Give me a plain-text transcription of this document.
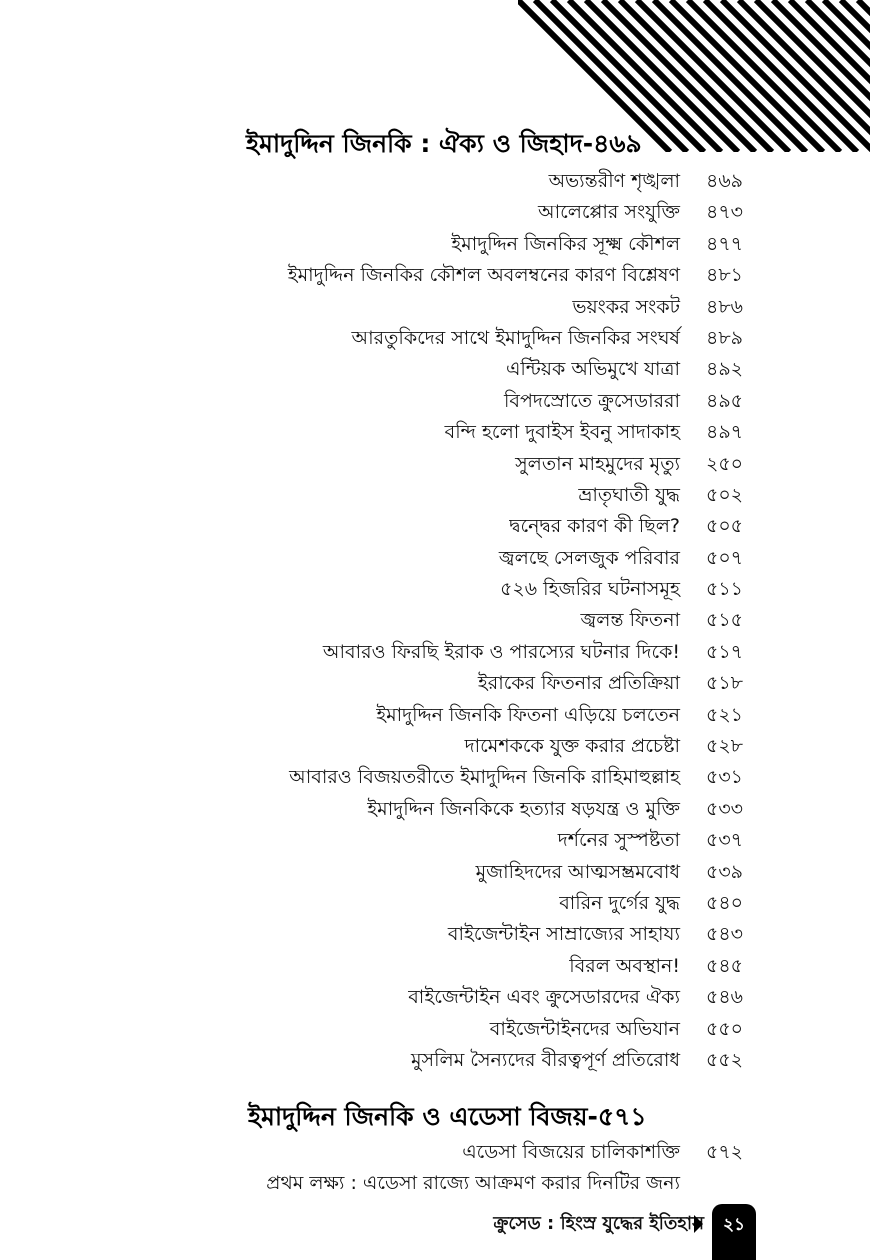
ইমাদুদ্দিন জিনকি : ঐক্য ও জিহাদ-৪৬৯
অভ্যন্তরীণ শৃঙ্খলা ৪৬৯
আলেপ্পোর সংযুক্তি ৪৭৩
ইমাদুদ্দিন জিনকির সূক্ষ্ম কৌশল ৪৭৭
ইমাদুদ্দিন জিনকির কৌশল অবলম্বনের কারণ বিশ্লেষণ ৪৮১
ভয়ংকর সংকট ৪৮৬
আরতুকিদের সাথে ইমাদুদ্দিন জিনকির সংঘর্ষ ৪৮৯
এন্টিয়ক অভিমুখে যাত্রা ৪৯২
বিপদস্রোতে ক্রুসেডাররা ৪৯৫
বন্দি হলো দুবাইস ইবনু সাদাকাহ ৪৯৭
সুলতান মাহমুদের মৃত্যু ২৫০
ভ্রাতৃঘাতী যুদ্ধ ৫০২
দ্বন্দ্বের কারণ কী ছিল? ৫০৫
জ্বলছে সেলজুক পরিবার ৫০৭
৫২৬ হিজরির ঘটনাসমূহ ৫১১
জ্বলন্ত ফিতনা ৫১৫
আবারও ফিরছি ইরাক ও পারস্যের ঘটনার দিকে! ৫১৭
ইরাকের ফিতনার প্রতিক্রিয়া ৫১৮
ইমাদুদ্দিন জিনকি ফিতনা এড়িয়ে চলতেন ৫২১
দামেশককে যুক্ত করার প্রচেষ্টা ৫২৮
আবারও বিজয়তরীতে ইমাদুদ্দিন জিনকি রাহিমাহুল্লাহ ৫৩১
ইমাদুদ্দিন জিনকিকে হত্যার ষড়যন্ত্র ও মুক্তি ৫৩৩
দর্শনের সুস্পষ্টতা ৫৩৭
মুজাহিদদের আত্মসম্ভ্রমবোধ ৫৩৯
বারিন দুর্গের যুদ্ধ ৫৪০
বাইজেন্টাইন সাম্রাজ্যের সাহায্য ৫৪৩
বিরল অবস্থান! ৫৪৫
বাইজেন্টাইন এবং ক্রুসেডারদের ঐক্য ৫৪৬
বাইজেন্টাইনদের অভিযান ৫৫০
মুসলিম সৈন্যদের বীরত্বপূর্ণ প্রতিরোধ ৫৫২
ইমাদুদ্দিন জিনকি ও এডেসা বিজয়-৫৭১
এডেসা বিজয়ের চালিকাশক্তি ৫৭২
প্রথম লক্ষ্য : এডেসা রাজ্যে আক্রমণ করার দিনটির জন্য
ক্রুসেড : হিংস্র যুদ্ধের ইতিহাস	২১
